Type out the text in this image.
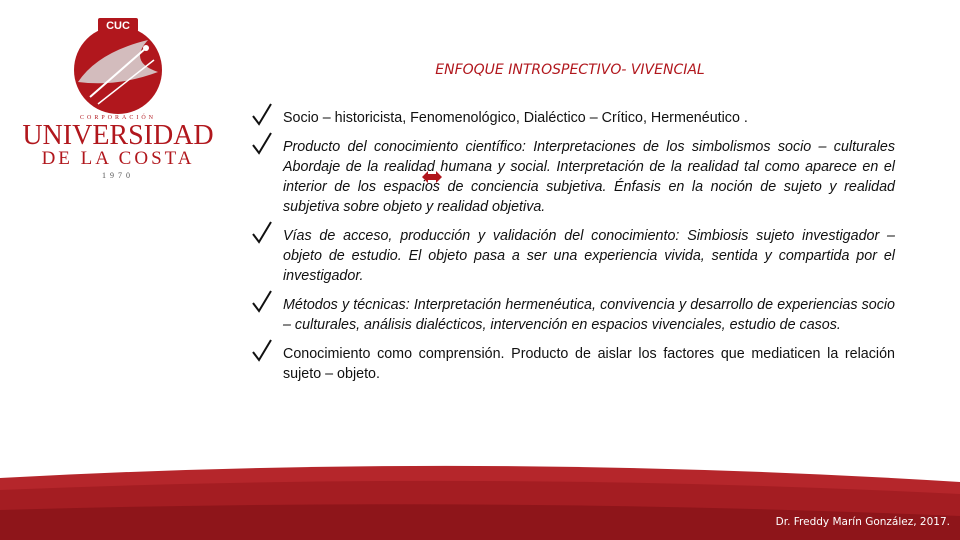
CUC
CORPORACIÓN
UNIVERSIDAD
DE LA COSTA
1970
ENFOQUE INTROSPECTIVO- VIVENCIAL

Socio – historicista, Fenomenológico, Dialéctico – Crítico, Hermenéutico .

Producto del conocimiento científico: Interpretaciones de los simbolismos socio – culturales Abordaje de la realidad humana y social. Interpretación de la realidad tal como aparece en el interior de los espacios de conciencia subjetiva. Énfasis en la noción de sujeto y realidad subjetiva sobre objeto y realidad objetiva.

Vías de acceso, producción y validación del conocimiento: Simbiosis sujeto investigador – objeto de estudio. El objeto pasa a ser una experiencia vivida, sentida y compartida por el investigador.

Métodos y técnicas: Interpretación hermenéutica, convivencia y desarrollo de experiencias socio – culturales, análisis dialécticos, intervención en espacios vivenciales, estudio de casos.

Conocimiento como comprensión. Producto de aislar los factores que mediaticen la relación sujeto – objeto.

Dr. Freddy Marín González, 2017.
